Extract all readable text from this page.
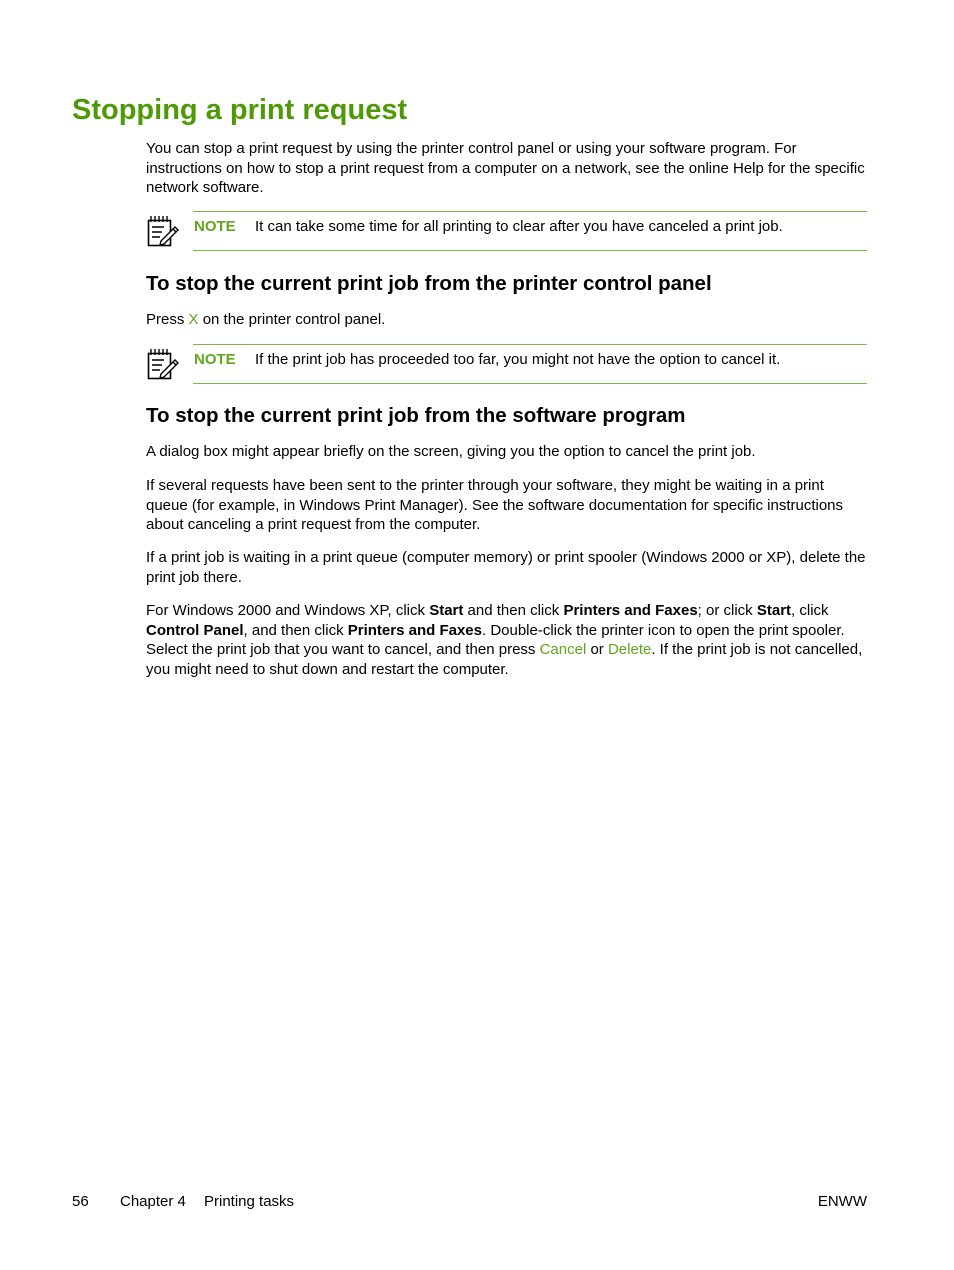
Stopping a print request

You can stop a print request by using the printer control panel or using your software program. For instructions on how to stop a print request from a computer on a network, see the online Help for the specific network software.

NOTE It can take some time for all printing to clear after you have canceled a print job.
To stop the current print job from the printer control panel

Press X on the printer control panel.

NOTE If the print job has proceeded too far, you might not have the option to cancel it.
To stop the current print job from the software program

A dialog box might appear briefly on the screen, giving you the option to cancel the print job.

If several requests have been sent to the printer through your software, they might be waiting in a print queue (for example, in Windows Print Manager). See the software documentation for specific instructions about canceling a print request from the computer.

If a print job is waiting in a print queue (computer memory) or print spooler (Windows 2000 or XP), delete the print job there.

For Windows 2000 and Windows XP, click Start and then click Printers and Faxes; or click Start, click Control Panel, and then click Printers and Faxes. Double-click the printer icon to open the print spooler. Select the print job that you want to cancel, and then press Cancel or Delete. If the print job is not cancelled, you might need to shut down and restart the computer.

56 Chapter 4 Printing tasks	ENWW
